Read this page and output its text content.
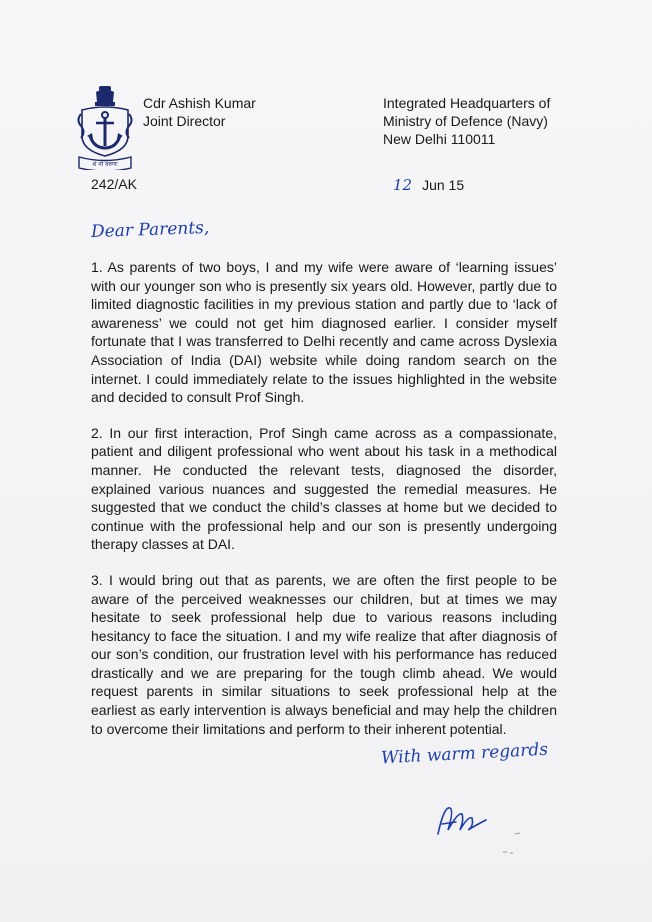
शं नो वरुणः
Cdr Ashish Kumar
Joint Director
Integrated Headquarters of
Ministry of Defence (Navy)
New Delhi 110011
242/AK	12 Jun 15
Dear Parents,

1. As parents of two boys, I and my wife were aware of ‘learning issues’ with our younger son who is presently six years old. However, partly due to limited diagnostic facilities in my previous station and partly due to ‘lack of awareness’ we could not get him diagnosed earlier. I consider myself fortunate that I was transferred to Delhi recently and came across Dyslexia Association of India (DAI) website while doing random search on the internet. I could immediately relate to the issues highlighted in the website and decided to consult Prof Singh.

2. In our first interaction, Prof Singh came across as a compassionate, patient and diligent professional who went about his task in a methodical manner. He conducted the relevant tests, diagnosed the disorder, explained various nuances and suggested the remedial measures. He suggested that we conduct the child’s classes at home but we decided to continue with the professional help and our son is presently undergoing therapy classes at DAI.

3. I would bring out that as parents, we are often the first people to be aware of the perceived weaknesses our children, but at times we may hesitate to seek professional help due to various reasons including hesitancy to face the situation. I and my wife realize that after diagnosis of our son’s condition, our frustration level with his performance has reduced drastically and we are preparing for the tough climb ahead. We would request parents in similar situations to seek professional help at the earliest as early intervention is always beneficial and may help the children to overcome their limitations and perform to their inherent potential.

With warm regards
